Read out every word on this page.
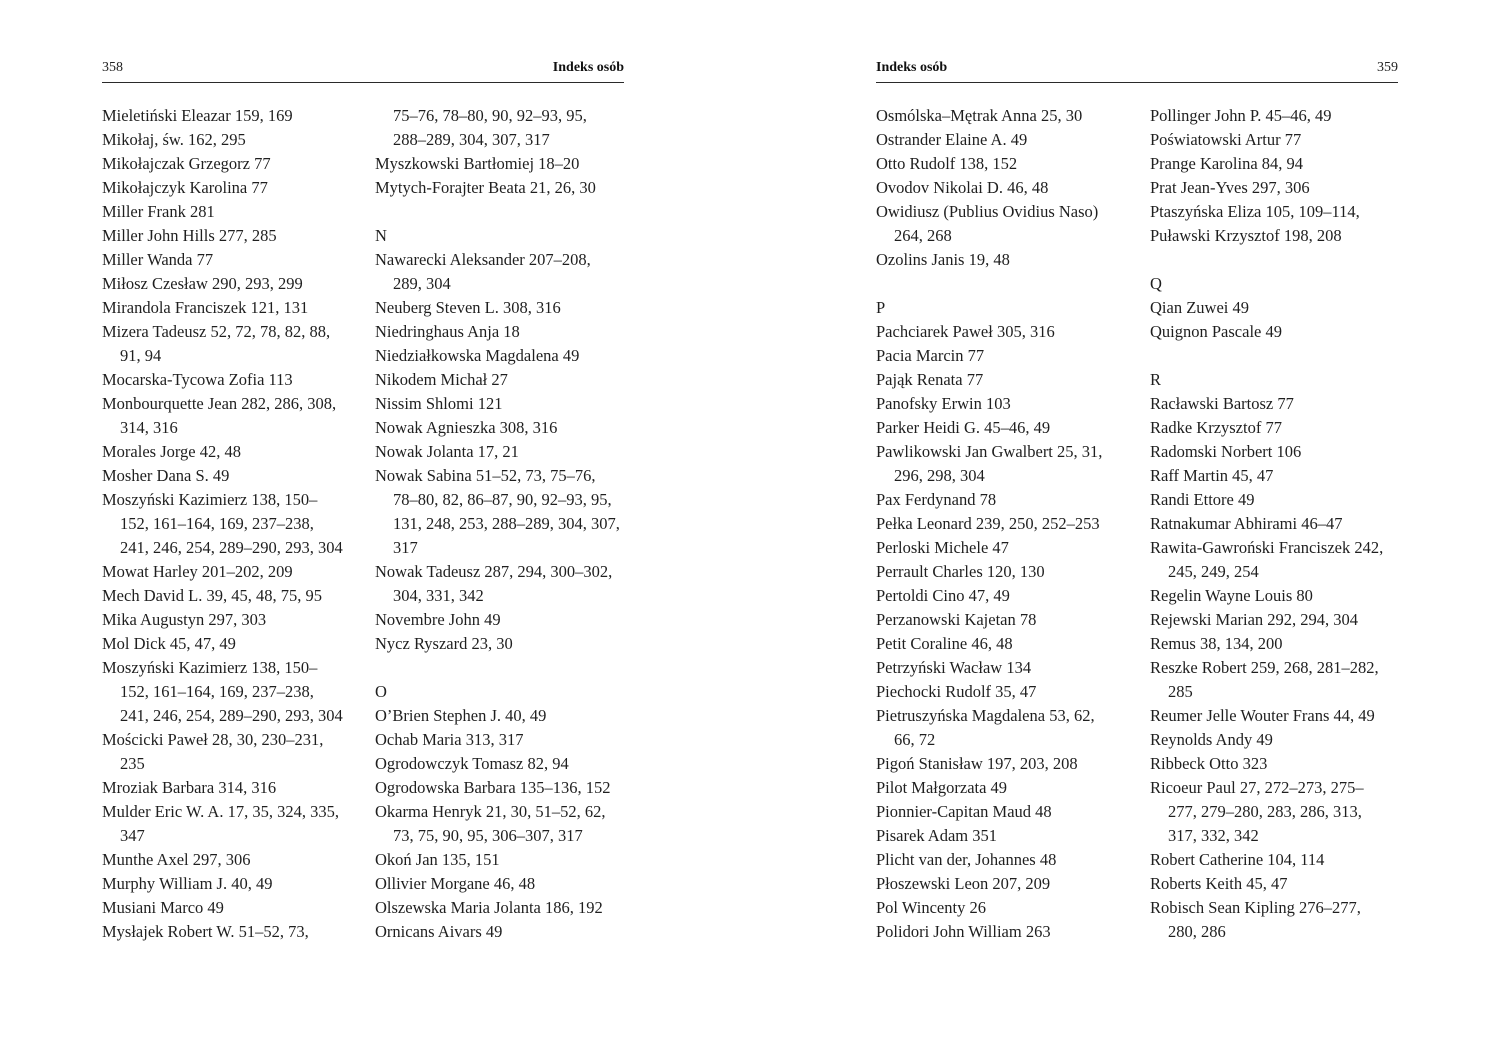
358	Indeks osób
Mieletiński Eleazar 159, 169
Mikołaj, św. 162, 295
Mikołajczak Grzegorz 77
Mikołajczyk Karolina 77
Miller Frank 281
Miller John Hills 277, 285
Miller Wanda 77
Miłosz Czesław 290, 293, 299
Mirandola Franciszek 121, 131
Mizera Tadeusz 52, 72, 78, 82, 88,
91, 94
Mocarska-Tycowa Zofia 113
Monbourquette Jean 282, 286, 308,
314, 316
Morales Jorge 42, 48
Mosher Dana S. 49
Moszyński Kazimierz 138, 150–
152, 161–164, 169, 237–238,
241, 246, 254, 289–290, 293, 304
Mowat Harley 201–202, 209
Mech David L. 39, 45, 48, 75, 95
Mika Augustyn 297, 303
Mol Dick 45, 47, 49
Moszyński Kazimierz 138, 150–
152, 161–164, 169, 237–238,
241, 246, 254, 289–290, 293, 304
Mościcki Paweł 28, 30, 230–231,
235
Mroziak Barbara 314, 316
Mulder Eric W. A. 17, 35, 324, 335,
347
Munthe Axel 297, 306
Murphy William J. 40, 49
Musiani Marco 49
Mysłajek Robert W. 51–52, 73,
75–76, 78–80, 90, 92–93, 95,
288–289, 304, 307, 317
Myszkowski Bartłomiej 18–20
Mytych-Forajter Beata 21, 26, 30
N
Nawarecki Aleksander 207–208,
289, 304
Neuberg Steven L. 308, 316
Niedringhaus Anja 18
Niedziałkowska Magdalena 49
Nikodem Michał 27
Nissim Shlomi 121
Nowak Agnieszka 308, 316
Nowak Jolanta 17, 21
Nowak Sabina 51–52, 73, 75–76,
78–80, 82, 86–87, 90, 92–93, 95,
131, 248, 253, 288–289, 304, 307,
317
Nowak Tadeusz 287, 294, 300–302,
304, 331, 342
Novembre John 49
Nycz Ryszard 23, 30
O
O’Brien Stephen J. 40, 49
Ochab Maria 313, 317
Ogrodowczyk Tomasz 82, 94
Ogrodowska Barbara 135–136, 152
Okarma Henryk 21, 30, 51–52, 62,
73, 75, 90, 95, 306–307, 317
Okoń Jan 135, 151
Ollivier Morgane 46, 48
Olszewska Maria Jolanta 186, 192
Ornicans Aivars 49
Indeks osób	359
Osmólska–Mętrak Anna 25, 30
Ostrander Elaine A. 49
Otto Rudolf 138, 152
Ovodov Nikolai D. 46, 48
Owidiusz (Publius Ovidius Naso)
264, 268
Ozolins Janis 19, 48
P
Pachciarek Paweł 305, 316
Pacia Marcin 77
Pająk Renata 77
Panofsky Erwin 103
Parker Heidi G. 45–46, 49
Pawlikowski Jan Gwalbert 25, 31,
296, 298, 304
Pax Ferdynand 78
Pełka Leonard 239, 250, 252–253
Perloski Michele 47
Perrault Charles 120, 130
Pertoldi Cino 47, 49
Perzanowski Kajetan 78
Petit Coraline 46, 48
Petrzyński Wacław 134
Piechocki Rudolf 35, 47
Pietruszyńska Magdalena 53, 62,
66, 72
Pigoń Stanisław 197, 203, 208
Pilot Małgorzata 49
Pionnier-Capitan Maud 48
Pisarek Adam 351
Plicht van der, Johannes 48
Płoszewski Leon 207, 209
Pol Wincenty 26
Polidori John William 263
Pollinger John P. 45–46, 49
Poświatowski Artur 77
Prange Karolina 84, 94
Prat Jean-Yves 297, 306
Ptaszyńska Eliza 105, 109–114,
Puławski Krzysztof 198, 208
Q
Qian Zuwei 49
Quignon Pascale 49
R
Racławski Bartosz 77
Radke Krzysztof 77
Radomski Norbert 106
Raff Martin 45, 47
Randi Ettore 49
Ratnakumar Abhirami 46–47
Rawita-Gawroński Franciszek 242,
245, 249, 254
Regelin Wayne Louis 80
Rejewski Marian 292, 294, 304
Remus 38, 134, 200
Reszke Robert 259, 268, 281–282,
285
Reumer Jelle Wouter Frans 44, 49
Reynolds Andy 49
Ribbeck Otto 323
Ricoeur Paul 27, 272–273, 275–
277, 279–280, 283, 286, 313,
317, 332, 342
Robert Catherine 104, 114
Roberts Keith 45, 47
Robisch Sean Kipling 276–277,
280, 286
